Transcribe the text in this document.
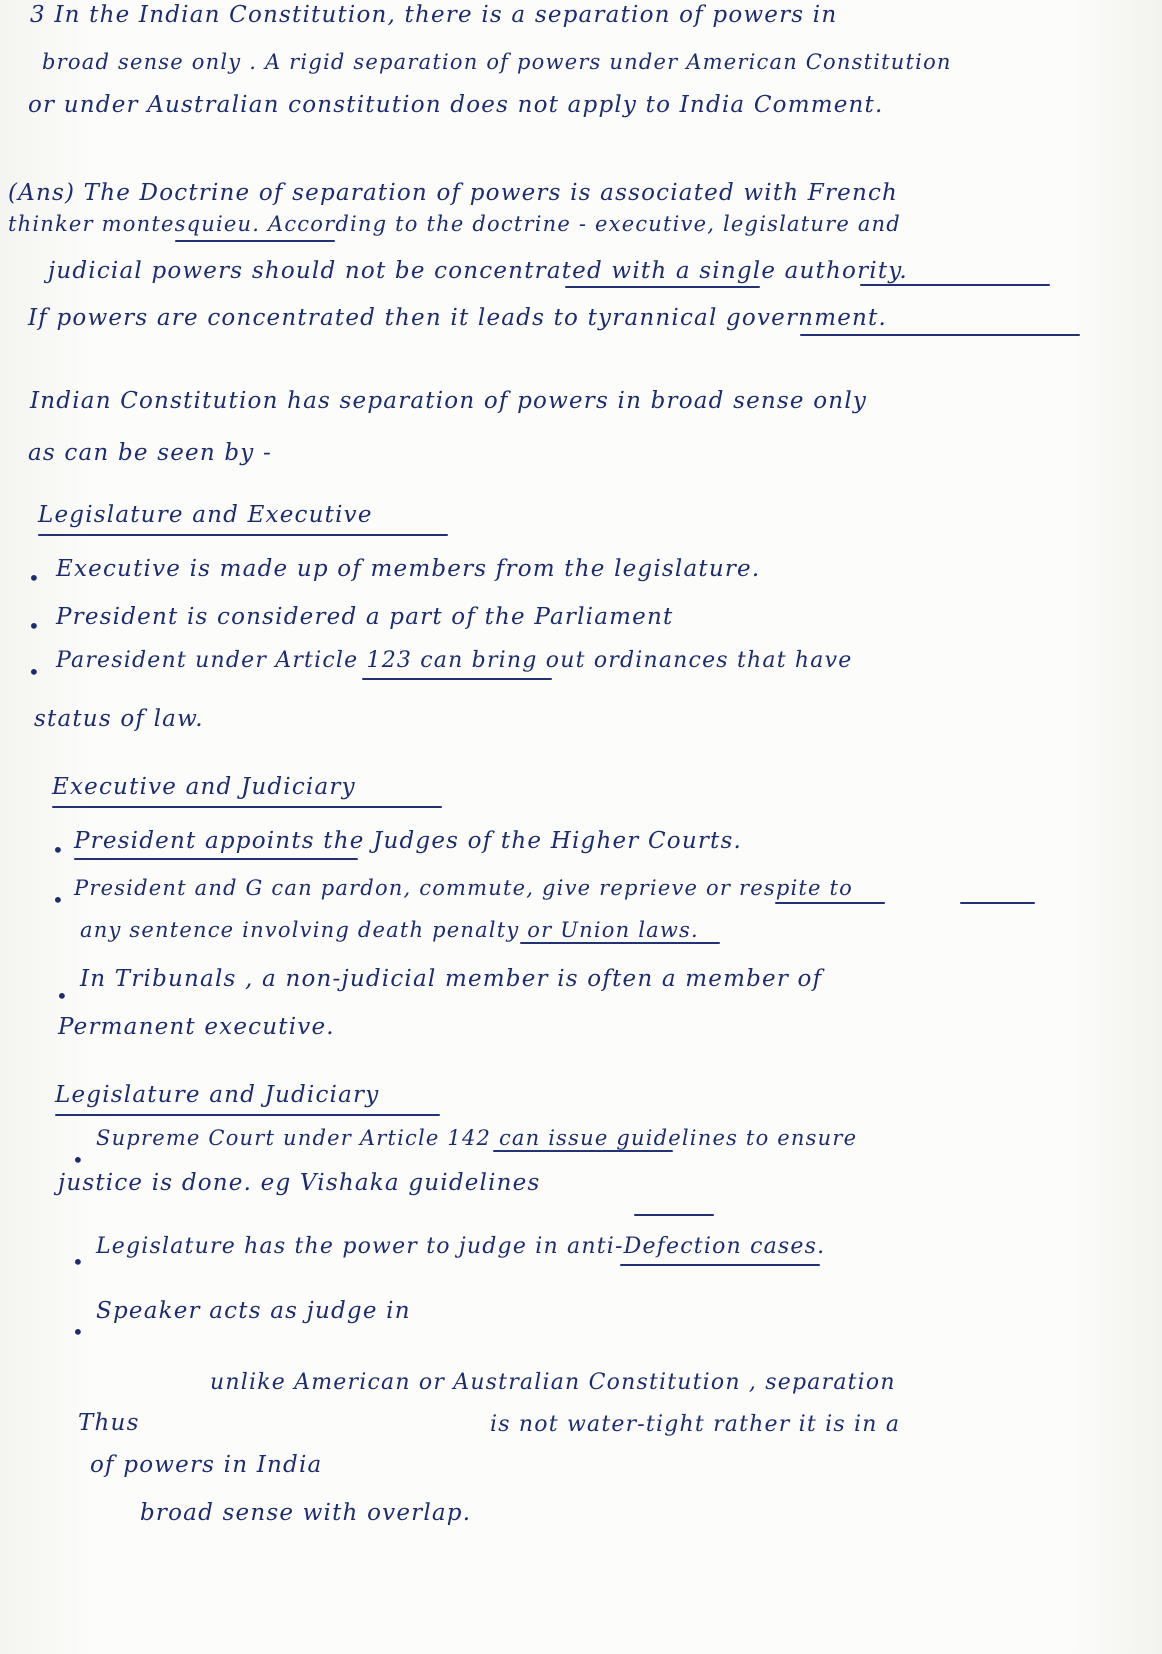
3 In the Indian Constitution, there is a separation of powers in
broad sense only . A rigid separation of powers under American Constitution
or under Australian constitution does not apply to India Comment.
(Ans) The Doctrine of separation of powers is associated with French
thinker montesquieu. According to the doctrine - executive, legislature and
judicial powers should not be concentrated with a single authority.
If powers are concentrated then it leads to tyrannical government.
Indian Constitution has separation of powers in broad sense only
as can be seen by -
Legislature and Executive
• Executive is made up of members from the legislature.
• President is considered a part of the Parliament
• Paresident under Article 123 can bring out ordinances that have
status of law.
Executive and Judiciary
• President appoints the Judges of the Higher Courts.
• President and G can pardon, commute, give reprieve or respite to
any sentence involving death penalty or Union laws.
•
In Tribunals , a non-judicial member is often a member of
Permanent executive.
Legislature and Judiciary
•
Supreme Court under Article 142 can issue guidelines to ensure
justice is done. eg Vishaka guidelines
•
Legislature has the power to judge in anti-Defection cases.
•
Speaker acts as judge in
unlike American or Australian Constitution , separation
Thus	is not water-tight rather it is in a
of powers in India
broad sense with overlap.
